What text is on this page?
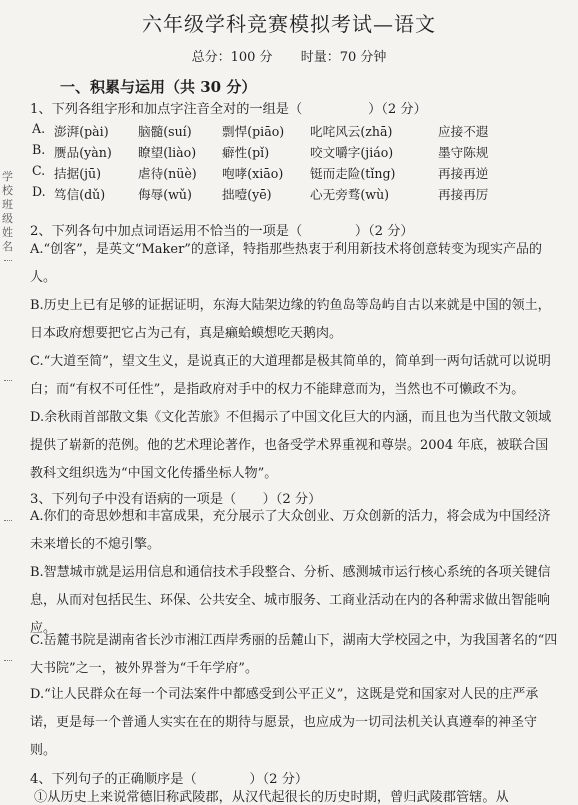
六年级学科竞赛模拟考试—语文
总分：100 分 时量：70 分钟
一、积累与运用（共 30 分）
1、下列各组字形和加点字注音全对的一组是（　　　　　）（2 分）
A. 澎湃(pài) 脑髓(suí) 剽悍(piāo) 叱咤风云(zhā)	应接不遐
B. 赝品(yàn) 瞭望(liào) 癖性(pǐ)	咬文嚼字(jiáo)	墨守陈规
C. 拮据(jū)	虐待(nüè) 咆哮(xiāo) 铤而走险(tǐng)	再接再逆
D. 笃信(dǔ)	侮辱(wǔ) 拙噎(yē)	心无旁骛(wù)	再接再厉
2、下列各句中加点词语运用不恰当的一项是（　　　　）（2 分）
A.“创客”，是英文“Maker”的意译，特指那些热衷于利用新技术将创意转变为现实产品的人。
B.历史上已有足够的证据证明，东海大陆架边缘的钓鱼岛等岛屿自古以来就是中国的领土，日本政府想要把它占为己有，真是癞蛤蟆想吃天鹅肉。
C.“大道至简”，望文生义，是说真正的大道理都是极其简单的，简单到一两句话就可以说明白；而“有权不可任性”，是指政府对手中的权力不能肆意而为，当然也不可懒政不为。
D.余秋雨首部散文集《文化苦旅》不但揭示了中国文化巨大的内涵，而且也为当代散文领域提供了崭新的范例。他的艺术理论著作，也备受学术界重视和尊崇。2004 年底，被联合国教科文组织选为“中国文化传播坐标人物”。
3、下列句子中没有语病的一项是（　　）（2 分）
A.你们的奇思妙想和丰富成果，充分展示了大众创业、万众创新的活力，将会成为中国经济未来增长的不熄引擎。
B.智慧城市就是运用信息和通信技术手段整合、分析、感测城市运行核心系统的各项关键信息，从而对包括民生、环保、公共安全、城市服务、工商业活动在内的各种需求做出智能响应。
C.岳麓书院是湖南省长沙市湘江西岸秀丽的岳麓山下，湖南大学校园之中，为我国著名的“四大书院”之一，被外界誉为“千年学府”。
D.“让人民群众在每一个司法案件中都感受到公平正义”，这既是党和国家对人民的庄严承诺，更是每一个普通人实实在在的期待与愿景，也应成为一切司法机关认真遵奉的神圣守则。
4、下列句子的正确顺序是（　　　　）（2 分）
①从历史上来说常德旧称武陵郡，从汉代起很长的历史时期，曾归武陵郡管辖。从
学校　班级　姓名
